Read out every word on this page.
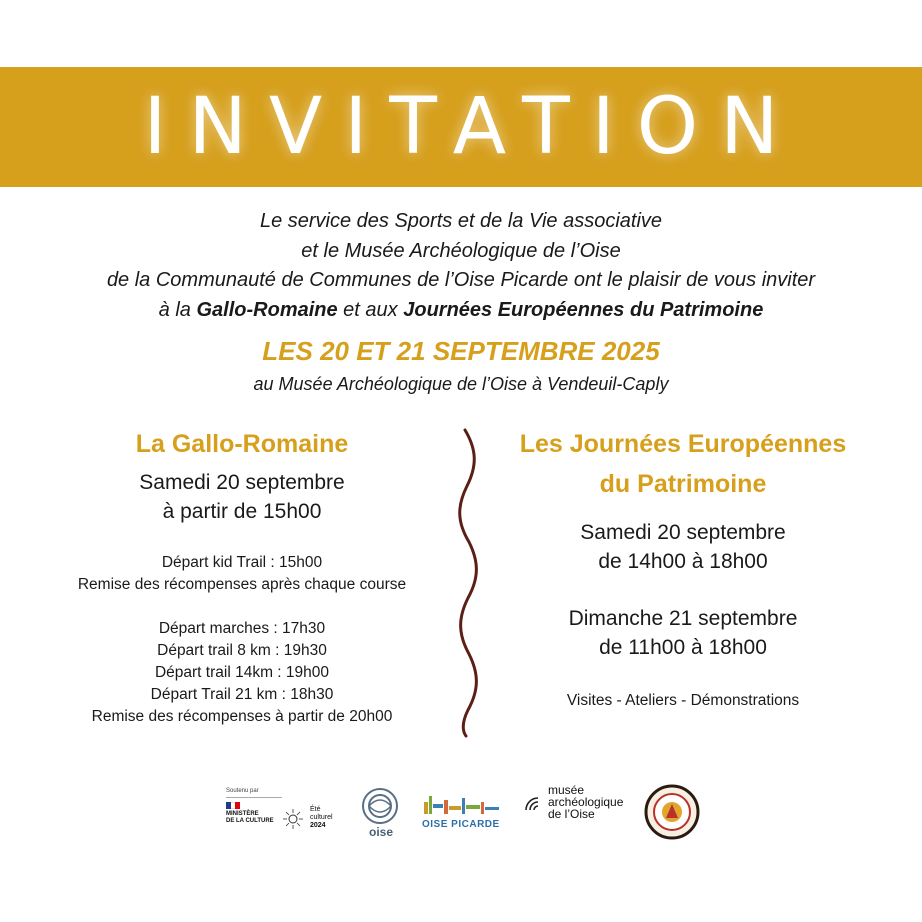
INVITATION
Le service des Sports et de la Vie associative
et le Musée Archéologique de l’Oise
de la Communauté de Communes de l’Oise Picarde ont le plaisir de vous inviter
à la Gallo-Romaine et aux Journées Européennes du Patrimoine
LES 20 ET 21 SEPTEMBRE 2025
au Musée Archéologique de l’Oise à Vendeuil-Caply
La Gallo-Romaine
Samedi 20 septembre
à partir de 15h00
Départ kid Trail : 15h00
Remise des récompenses après chaque course
Départ marches : 17h30
Départ trail 8 km : 19h30
Départ trail 14km : 19h00
Départ Trail 21 km : 18h30
Remise des récompenses à partir de 20h00
Les Journées Européennes
du Patrimoine
Samedi 20 septembre
de 14h00 à 18h00
Dimanche 21 septembre
de 11h00 à 18h00
Visites - Ateliers - Démonstrations
Soutenu par
MINISTÈRE
DE LA CULTURE
Été
culturel
2024	oise
OISE PICARDE
musée
archéologique
de l’Oise
